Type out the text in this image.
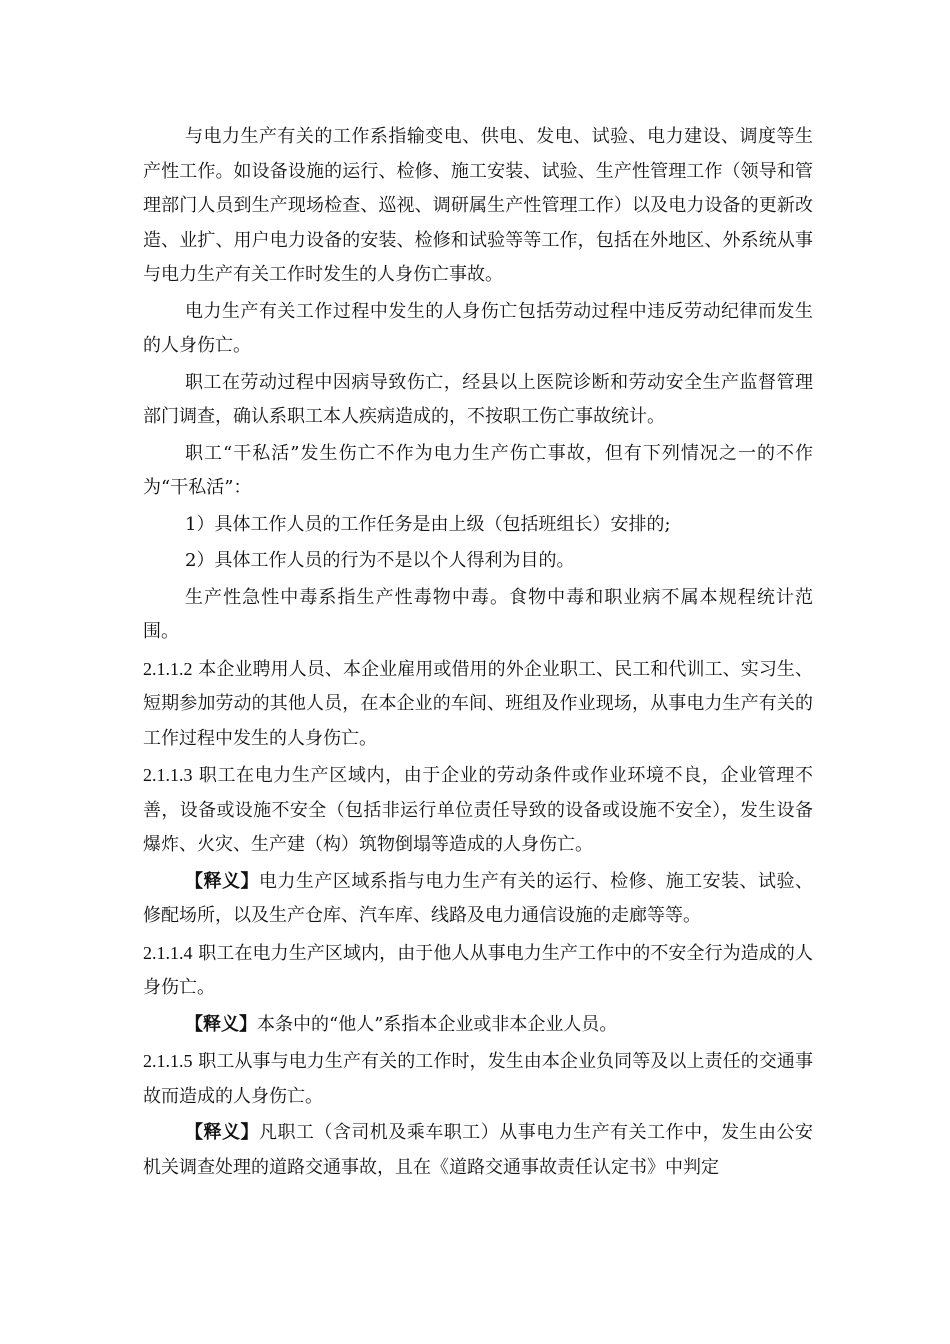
与电力生产有关的工作系指输变电、供电、发电、试验、电力建设、调度等生产性工作。如设备设施的运行、检修、施工安装、试验、生产性管理工作（领导和管理部门人员到生产现场检查、巡视、调研属生产性管理工作）以及电力设备的更新改造、业扩、用户电力设备的安装、检修和试验等等工作，包括在外地区、外系统从事与电力生产有关工作时发生的人身伤亡事故。

电力生产有关工作过程中发生的人身伤亡包括劳动过程中违反劳动纪律而发生的人身伤亡。

职工在劳动过程中因病导致伤亡，经县以上医院诊断和劳动安全生产监督管理部门调查，确认系职工本人疾病造成的，不按职工伤亡事故统计。

职工“干私活”发生伤亡不作为电力生产伤亡事故，但有下列情况之一的不作为“干私活”：

1）具体工作人员的工作任务是由上级（包括班组长）安排的;

2）具体工作人员的行为不是以个人得利为目的。

生产性急性中毒系指生产性毒物中毒。食物中毒和职业病不属本规程统计范围。

2.1.1.2 本企业聘用人员、本企业雇用或借用的外企业职工、民工和代训工、实习生、短期参加劳动的其他人员，在本企业的车间、班组及作业现场，从事电力生产有关的工作过程中发生的人身伤亡。

2.1.1.3 职工在电力生产区域内，由于企业的劳动条件或作业环境不良，企业管理不善，设备或设施不安全（包括非运行单位责任导致的设备或设施不安全），发生设备爆炸、火灾、生产建（构）筑物倒塌等造成的人身伤亡。

【释义】电力生产区域系指与电力生产有关的运行、检修、施工安装、试验、修配场所，以及生产仓库、汽车库、线路及电力通信设施的走廊等等。

2.1.1.4 职工在电力生产区域内，由于他人从事电力生产工作中的不安全行为造成的人身伤亡。

【释义】本条中的“他人”系指本企业或非本企业人员。

2.1.1.5 职工从事与电力生产有关的工作时，发生由本企业负同等及以上责任的交通事故而造成的人身伤亡。

【释义】凡职工（含司机及乘车职工）从事电力生产有关工作中，发生由公安机关调查处理的道路交通事故，且在《道路交通事故责任认定书》中判定
